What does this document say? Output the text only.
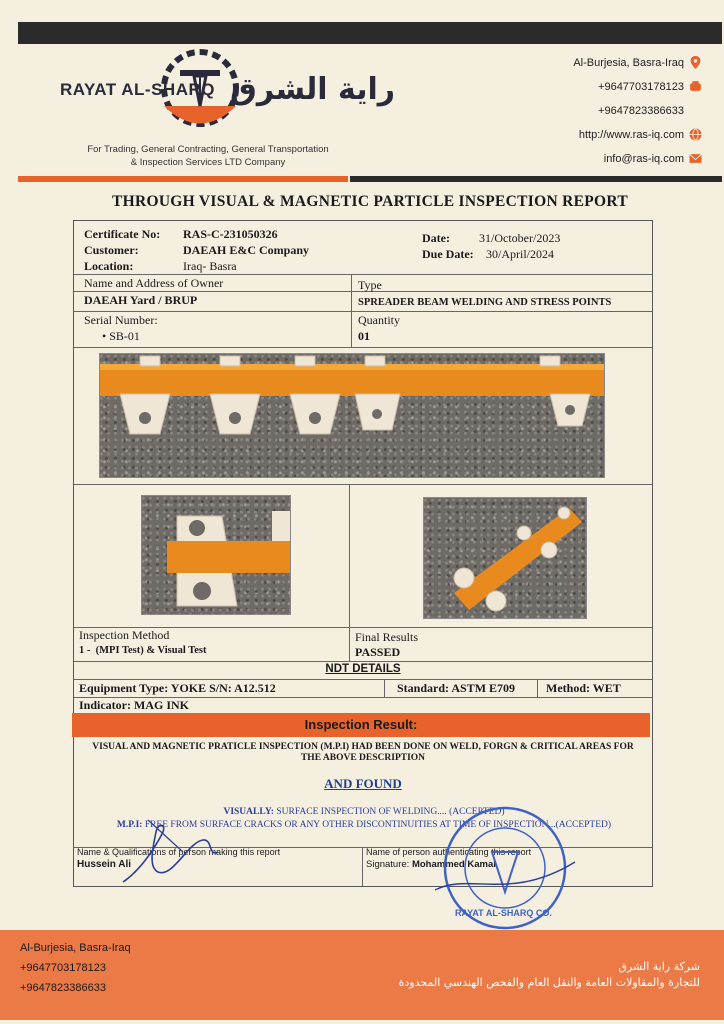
RAYAT AL-SHARQ راية الشرق
For Trading, General Contracting, General Transportation
& Inspection Services LTD Company
Al-Burjesia, Basra-Iraq
+9647703178123
+9647823386633
http://www.ras-iq.com
info@ras-iq.com
THROUGH VISUAL & MAGNETIC PARTICLE INSPECTION REPORT
Certificate No: RAS-C-231050326
Customer:	DAEAH E&C Company
Location:	Iraq- Basra
Date: 31/October/2023
Due Date: 30/April/2024
Name and Address of Owner
DAEAH Yard / BRUP
Type
SPREADER BEAM WELDING AND STRESS POINTS
Serial Number:
• SB-01
Quantity
01
Inspection Method
1 - (MPI Test) & Visual Test
Final Results
PASSED
NDT DETAILS
Equipment Type: YOKE S/N: A12.512	Standard: ASTM E709	Method: WET
Indicator: MAG INK
VISUAL AND MAGNETIC PRATICLE INSPECTION (M.P.I) HAD BEEN DONE ON WELD, FORGN & CRITICAL AREAS FOR THE ABOVE DESCRIPTION
AND FOUND
VISUALLY: SURFACE INSPECTION OF WELDING.... (ACCEPTED)
M.P.I: FREE FROM SURFACE CRACKS OR ANY OTHER DISCONTINUITIES AT TIME OF INSPECTION...(ACCEPTED)
Name & Qualifications of person making this report
Hussein Ali
Name of person authenticating this report
Signature: Mohammed Kamal
Inspection Result:
RAYAT AL-SHARQ CO.
Al-Burjesia, Basra-Iraq
+9647703178123
+9647823386633
شركة راية الشرق
للتجارة والمقاولات العامة والنقل العام والفحص الهندسي المحدودة
